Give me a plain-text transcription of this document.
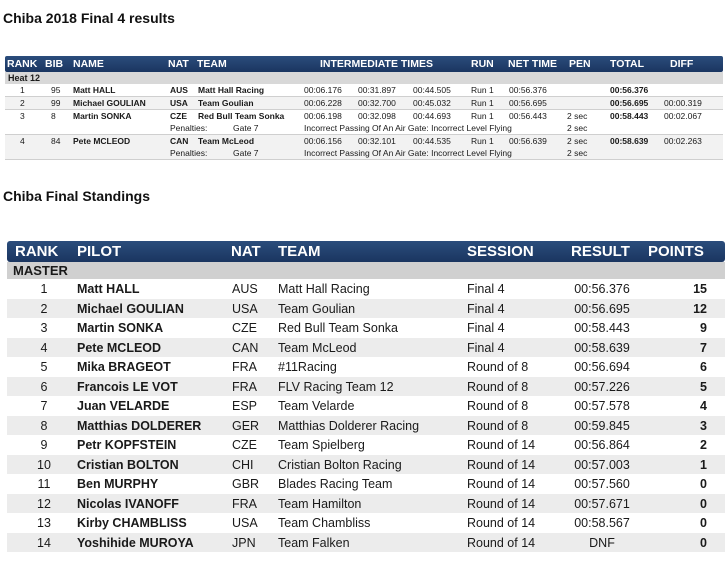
Chiba 2018 Final 4 results
RANK BIB NAME	NAT TEAM	INTERMEDIATE TIMES	RUN NET TIME PEN TOTAL DIFF
Heat 12
1	95 Matt HALL	AUS Matt Hall Racing	00:06.176 00:31.897 00:44.505 Run 1 00:56.376	00:56.376
2	99 Michael GOULIAN	USA Team Goulian	00:06.228 00:32.700 00:45.032 Run 1 00:56.695	00:56.695 00:00.319
3	8 Martin SONKA	CZE Red Bull Team Sonka 00:06.198 00:32.098 00:44.693 Run 1 00:56.443 2 sec	00:58.443 00:02.067
Penalties:	Gate 7	Incorrect Passing Of An Air Gate: Incorrect Level Flying	2 sec
4	84 Pete MCLEOD	CAN Team McLeod	00:06.156 00:32.101 00:44.535 Run 1 00:56.639 2 sec	00:58.639 00:02.263
Penalties:	Gate 7	Incorrect Passing Of An Air Gate: Incorrect Level Flying	2 sec
Chiba Final Standings
RANK PILOT	NAT TEAM	SESSION RESULT POINTS
MASTER
1	Matt HALL	AUS Matt Hall Racing	Final 4	00:56.376	15
2	Michael GOULIAN	USA Team Goulian	Final 4	00:56.695	12
3	Martin SONKA	CZE Red Bull Team Sonka	Final 4	00:58.443	9
4	Pete MCLEOD	CAN Team McLeod	Final 4	00:58.639	7
5	Mika BRAGEOT	FRA #11Racing	Round of 8	00:56.694	6
6	Francois LE VOT	FRA FLV Racing Team 12	Round of 8	00:57.226	5
7	Juan VELARDE	ESP Team Velarde	Round of 8	00:57.578	4
8	Matthias DOLDERER GER Matthias Dolderer Racing	Round of 8	00:59.845	3
9	Petr KOPFSTEIN	CZE Team Spielberg	Round of 14	00:56.864	2
10	Cristian BOLTON	CHI Cristian Bolton Racing	Round of 14	00:57.003	1
11	Ben MURPHY	GBR Blades Racing Team	Round of 14	00:57.560	0
12	Nicolas IVANOFF	FRA Team Hamilton	Round of 14	00:57.671	0
13	Kirby CHAMBLISS	USA Team Chambliss	Round of 14	00:58.567	0
14	Yoshihide MUROYA	JPN Team Falken	Round of 14	DNF	0
